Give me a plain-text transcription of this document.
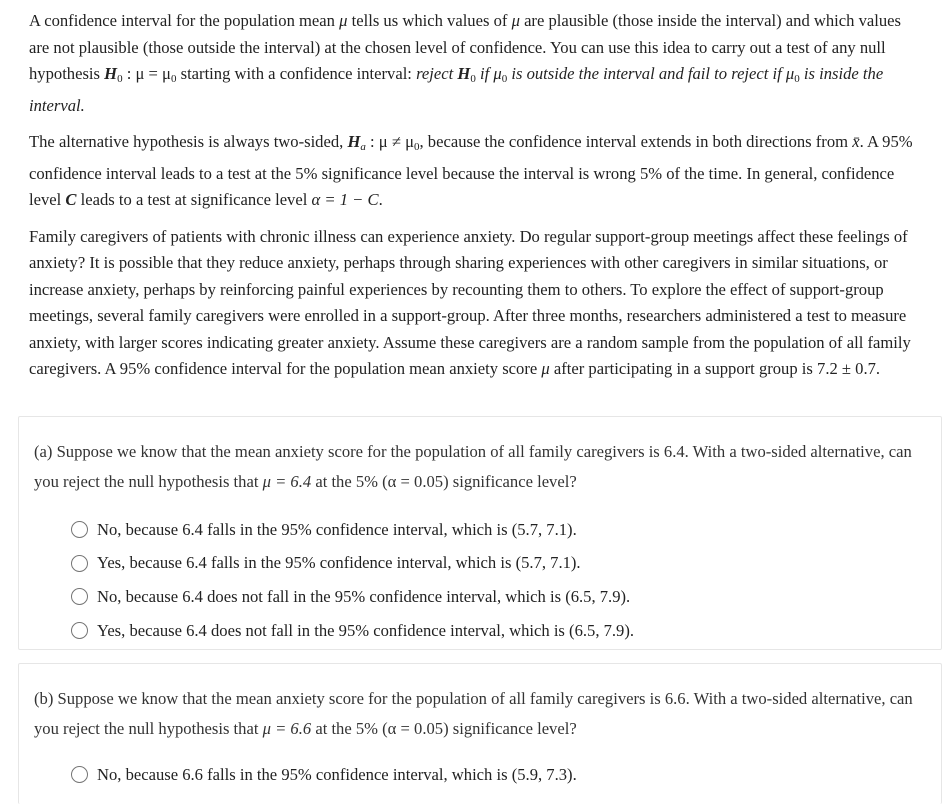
A confidence interval for the population mean μ tells us which values of μ are plausible (those inside the interval) and which values are not plausible (those outside the interval) at the chosen level of confidence. You can use this idea to carry out a test of any null hypothesis $H_0$ : $\mu = \mu_0$ starting with a confidence interval: reject $H_0$ if $\mu_0$ is outside the interval and fail to reject if $\mu_0$ is inside the interval.

The alternative hypothesis is always two-sided, Ha : $\mu \ne \mu_0$, because the confidence interval extends in both directions from x̄. A 95% confidence interval leads to a test at the 5% significance level because the interval is wrong 5% of the time. In general, confidence level C leads to a test at significance level α = 1 − C.

Family caregivers of patients with chronic illness can experience anxiety. Do regular support-group meetings affect these feelings of anxiety? It is possible that they reduce anxiety, perhaps through sharing experiences with other caregivers in similar situations, or increase anxiety, perhaps by reinforcing painful experiences by recounting them to others. To explore the effect of support-group meetings, several family caregivers were enrolled in a support-group. After three months, researchers administered a test to measure anxiety, with larger scores indicating greater anxiety. Assume these caregivers are a random sample from the population of all family caregivers. A 95% confidence interval for the population mean anxiety score μ after participating in a support group is 7.2 ± 0.7.

(a) Suppose we know that the mean anxiety score for the population of all family caregivers is 6.4. With a two-sided alternative, can you reject the null hypothesis that μ = 6.4 at the 5% (α = 0.05) significance level?
No, because 6.4 falls in the 95% confidence interval, which is
(5.7, 7.1).
Yes, because 6.4 falls in the 95% confidence interval, which is
(5.7, 7.1).
No, because 6.4 does not fall in the 95% confidence interval, which is
(6.5, 7.9).
Yes, because 6.4 does not fall in the 95% confidence interval, which is
(6.5, 7.9).
(b) Suppose we know that the mean anxiety score for the population of all family caregivers is 6.6. With a two-sided alternative, can you reject the null hypothesis that μ = 6.6 at the 5% (α = 0.05) significance level?
No, because 6.6 falls in the 95% confidence interval, which is
(5.9, 7.3).
